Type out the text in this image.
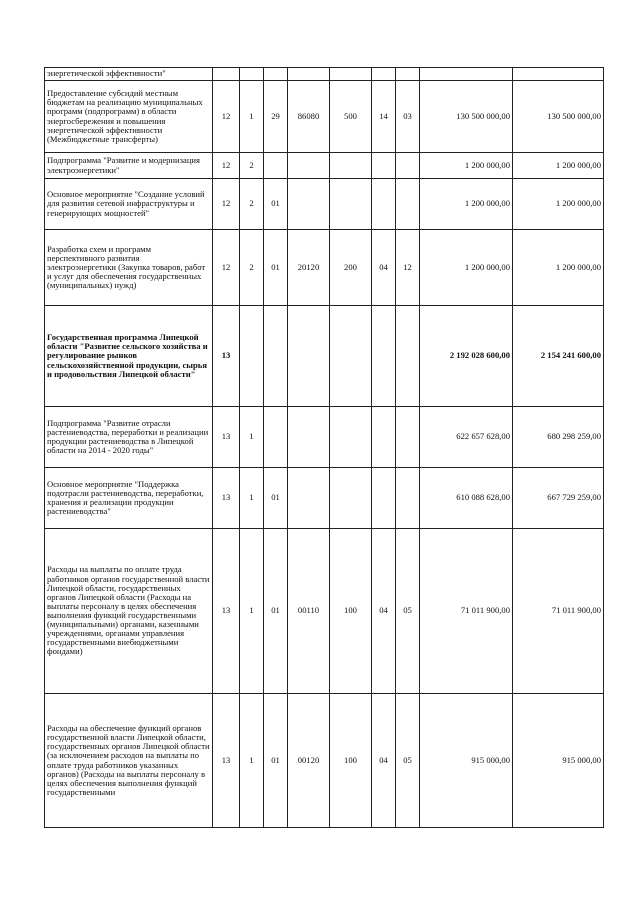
энергетической эффективности"									
Предоставление субсидий местным бюджетам на реализацию муниципальных программ (подпрограмм) в области энергосбережения и повышения энергетической эффективности (Межбюджетные трансферты)	12	1	29	86080	500	14	03	130 500 000,00	130 500 000,00
Подпрограмма "Развитие и модернизация электроэнергетики"	12	2						1 200 000,00	1 200 000,00
Основное мероприятие "Создание условий для развития сетевой инфраструктуры и генерирующих мощностей"	12	2	01					1 200 000,00	1 200 000,00
Разработка схем и программ перспективного развития электроэнергетики (Закупка товаров, работ и услуг для обеспечения государственных (муниципальных) нужд)	12	2	01	20120	200	04	12	1 200 000,00	1 200 000,00
Государственная программа Липецкой области "Развитие сельского хозяйства и регулирование рынков сельскохозяйственной продукции, сырья и продовольствия Липецкой области"	13							2 192 028 600,00	2 154 241 600,00
Подпрограмма "Развитие отрасли растениеводства, переработки и реализации продукции растениеводства в Липецкой области на 2014 - 2020 годы"	13	1						622 657 628,00	680 298 259,00
Основное мероприятие "Поддержка подотрасли растениеводства, переработки, хранения и реализации продукции растениеводства"	13	1	01					610 088 628,00	667 729 259,00
Расходы на выплаты по оплате труда работников органов государственной власти Липецкой области, государственных органов Липецкой области (Расходы на выплаты персоналу в целях обеспечения выполнения функций государственными (муниципальными) органами, казенными учреждениями, органами управления государственными внебюджетными фондами)	13	1	01	00110	100	04	05	71 011 900,00	71 011 900,00
Расходы на обеспечение функций органов государственной власти Липецкой области, государственных органов Липецкой области (за исключением расходов на выплаты по оплате труда работников указанных органов) (Расходы на выплаты персоналу в целях обеспечения выполнения функций государственными	13	1	01	00120	100	04	05	915 000,00	915 000,00
